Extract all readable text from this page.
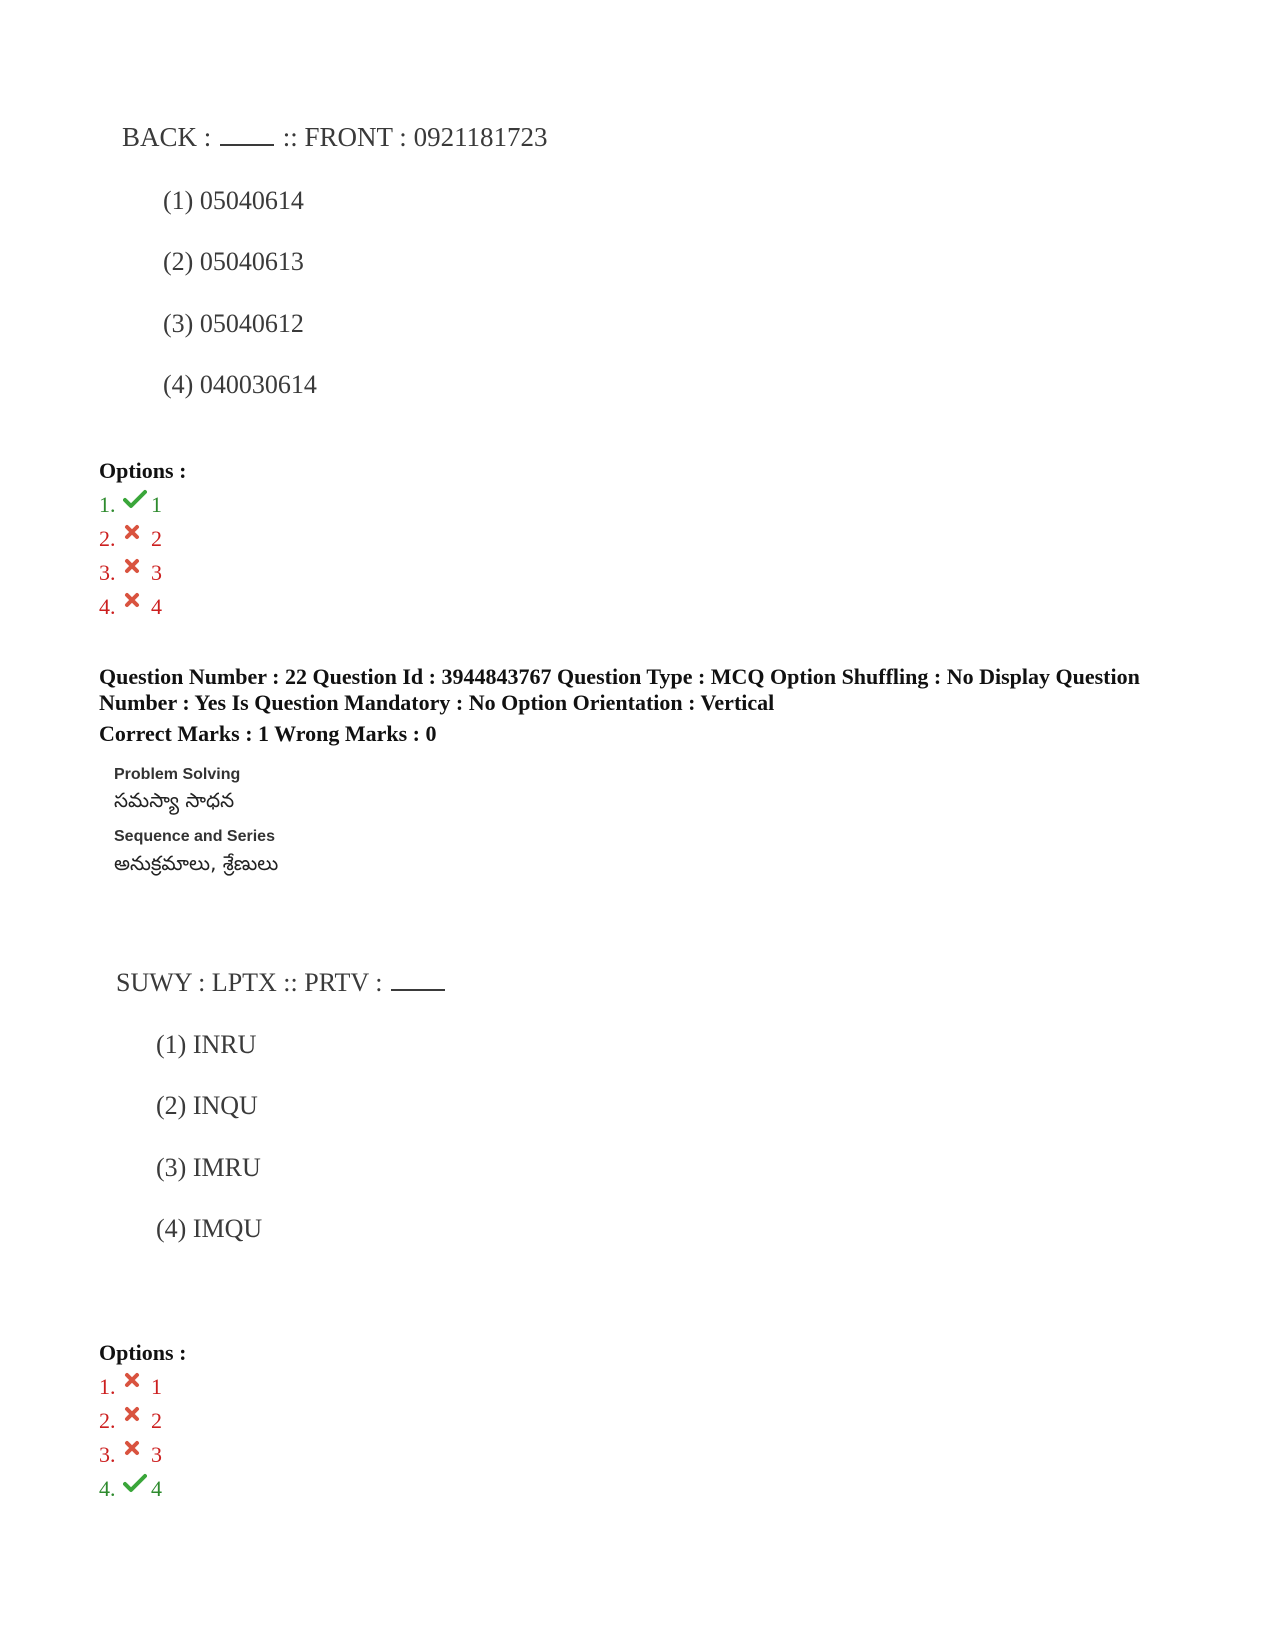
BACK :  :: FRONT : 0921181723
(1) 05040614
(2) 05040613
(3) 05040612
(4) 040030614
Options :
1.	1
2.	2
3.	3
4.	4
Question Number : 22 Question Id : 3944843767 Question Type : MCQ Option Shuffling : No Display Question Number : Yes Is Question Mandatory : No Option Orientation : Vertical
Correct Marks : 1 Wrong Marks : 0
Problem Solving
సమస్యా సాధన
Sequence and Series
అనుక్రమాలు, శ్రేణులు
SUWY : LPTX :: PRTV :
(1) INRU
(2) INQU
(3) IMRU
(4) IMQU
Options :
1.	1
2.	2
3.	3
4.	4
